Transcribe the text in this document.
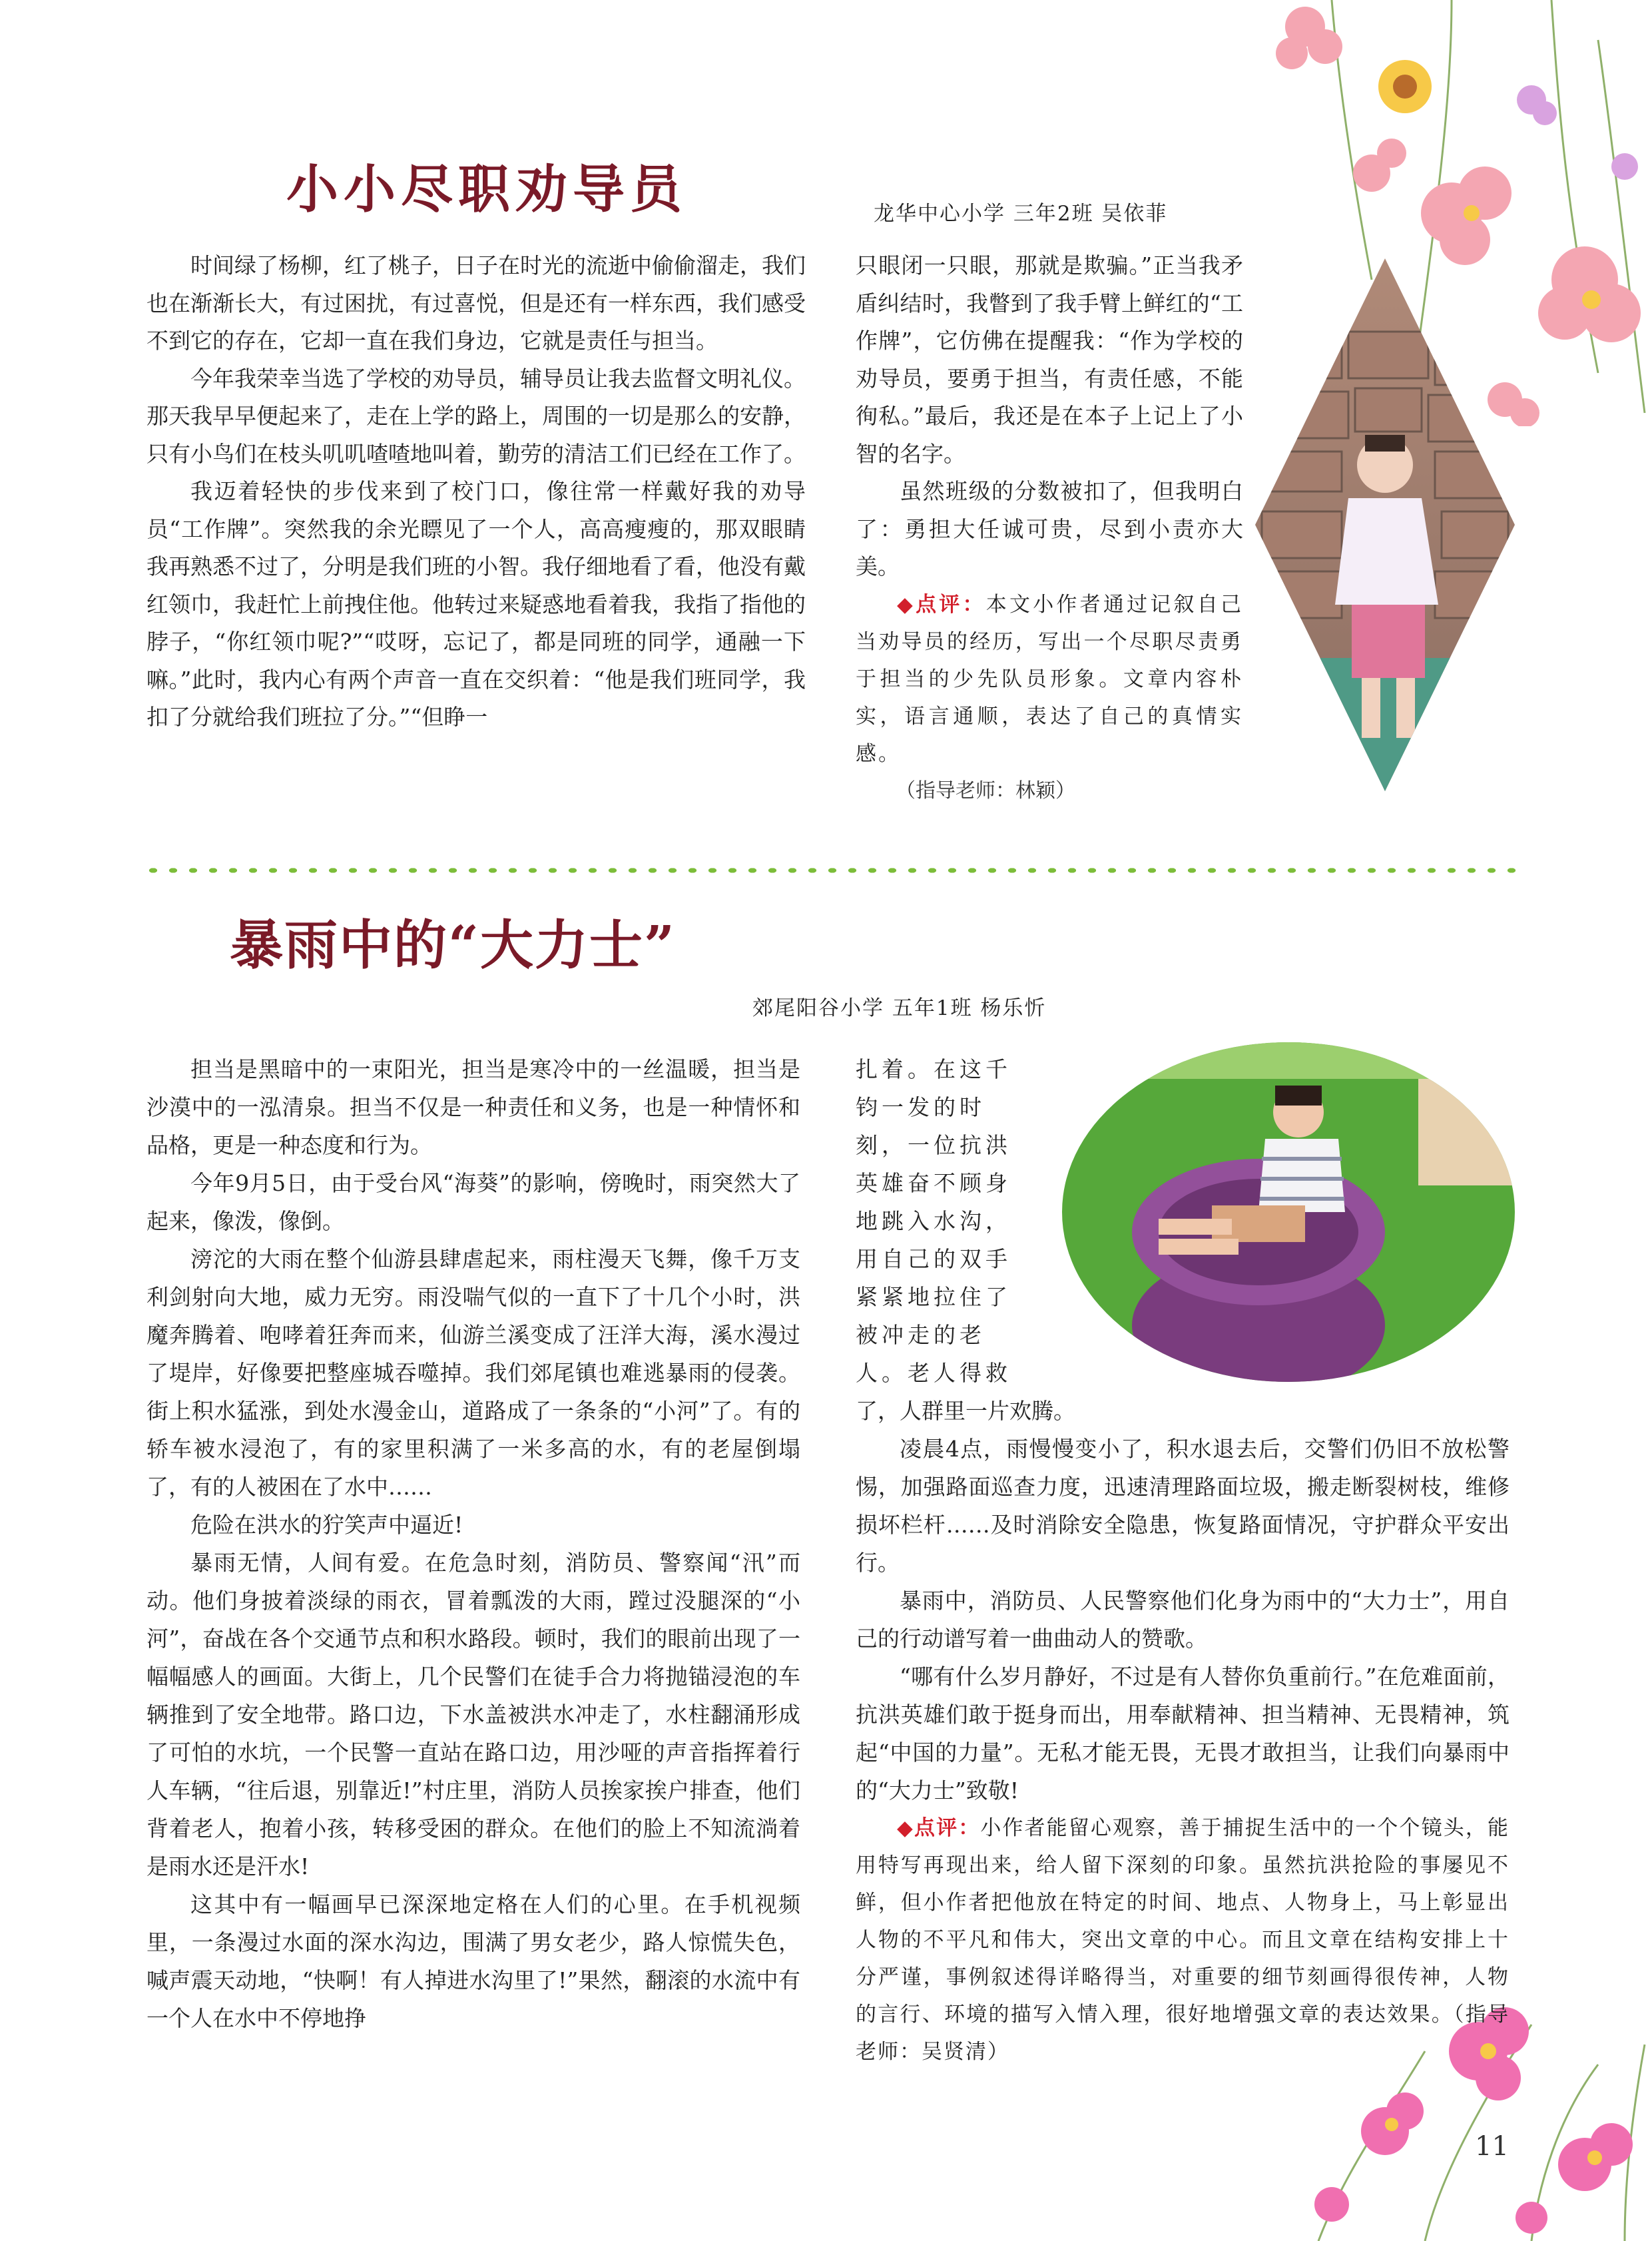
小小尽职劝导员	龙华中心小学 三年2班 吴依菲

时间绿了杨柳，红了桃子，日子在时光的流逝中偷偷溜走，我们也在渐渐长大，有过困扰，有过喜悦，但是还有一样东西，我们感受不到它的存在，它却一直在我们身边，它就是责任与担当。

今年我荣幸当选了学校的劝导员，辅导员让我去监督文明礼仪。那天我早早便起来了，走在上学的路上，周围的一切是那么的安静，只有小鸟们在枝头叽叽喳喳地叫着，勤劳的清洁工们已经在工作了。

我迈着轻快的步伐来到了校门口，像往常一样戴好我的劝导员“工作牌”。突然我的余光瞟见了一个人，高高瘦瘦的，那双眼睛我再熟悉不过了，分明是我们班的小智。我仔细地看了看，他没有戴红领巾，我赶忙上前拽住他。他转过来疑惑地看着我，我指了指他的脖子，“你红领巾呢?”“哎呀，忘记了，都是同班的同学，通融一下嘛。”此时，我内心有两个声音一直在交织着：“他是我们班同学，我扣了分就给我们班拉了分。”“但睁一

只眼闭一只眼，那就是欺骗。”正当我矛盾纠结时，我瞥到了我手臂上鲜红的“工作牌”，它仿佛在提醒我：“作为学校的劝导员，要勇于担当，有责任感，不能徇私。”最后，我还是在本子上记上了小智的名字。

虽然班级的分数被扣了，但我明白了：勇担大任诚可贵，尽到小责亦大美。

◆点评：本文小作者通过记叙自己当劝导员的经历，写出一个尽职尽责勇于担当的少先队员形象。文章内容朴实，语言通顺，表达了自己的真情实感。

（指导老师：林颖）

暴雨中的“大力士”
郊尾阳谷小学 五年1班 杨乐忻

担当是黑暗中的一束阳光，担当是寒冷中的一丝温暖，担当是沙漠中的一泓清泉。担当不仅是一种责任和义务，也是一种情怀和品格，更是一种态度和行为。

今年9月5日，由于受台风“海葵”的影响，傍晚时，雨突然大了起来，像泼，像倒。

滂沱的大雨在整个仙游县肆虐起来，雨柱漫天飞舞，像千万支利剑射向大地，威力无穷。雨没喘气似的一直下了十几个小时，洪魔奔腾着、咆哮着狂奔而来，仙游兰溪变成了汪洋大海，溪水漫过了堤岸，好像要把整座城吞噬掉。我们郊尾镇也难逃暴雨的侵袭。街上积水猛涨，到处水漫金山，道路成了一条条的“小河”了。有的轿车被水浸泡了，有的家里积满了一米多高的水，有的老屋倒塌了，有的人被困在了水中……

危险在洪水的狞笑声中逼近!

暴雨无情，人间有爱。在危急时刻，消防员、警察闻“汛”而动。他们身披着淡绿的雨衣，冒着瓢泼的大雨，蹚过没腿深的“小河”，奋战在各个交通节点和积水路段。顿时，我们的眼前出现了一幅幅感人的画面。大街上，几个民警们在徒手合力将抛锚浸泡的车辆推到了安全地带。路口边，下水盖被洪水冲走了，水柱翻涌形成了可怕的水坑，一个民警一直站在路口边，用沙哑的声音指挥着行人车辆，“往后退，别靠近!”村庄里，消防人员挨家挨户排查，他们背着老人，抱着小孩，转移受困的群众。在他们的脸上不知流淌着是雨水还是汗水!

这其中有一幅画早已深深地定格在人们的心里。在手机视频里，一条漫过水面的深水沟边，围满了男女老少，路人惊慌失色，喊声震天动地，“快啊！有人掉进水沟里了!”果然，翻滚的水流中有一个人在水中不停地挣

扎着。在这千
钧一发的时
刻，一位抗洪
英雄奋不顾身
地跳入水沟，
用自己的双手
紧紧地拉住了
被冲走的老
人。老人得救
了，人群里一片欢腾。

凌晨4点，雨慢慢变小了，积水退去后，交警们仍旧不放松警惕，加强路面巡查力度，迅速清理路面垃圾，搬走断裂树枝，维修损坏栏杆……及时消除安全隐患，恢复路面情况，守护群众平安出行。

暴雨中，消防员、人民警察他们化身为雨中的“大力士”，用自己的行动谱写着一曲曲动人的赞歌。

“哪有什么岁月静好，不过是有人替你负重前行。”在危难面前，抗洪英雄们敢于挺身而出，用奉献精神、担当精神、无畏精神，筑起“中国的力量”。无私才能无畏，无畏才敢担当，让我们向暴雨中的“大力士”致敬!

◆点评：小作者能留心观察，善于捕捉生活中的一个个镜头，能用特写再现出来，给人留下深刻的印象。虽然抗洪抢险的事屡见不鲜，但小作者把他放在特定的时间、地点、人物身上，马上彰显出人物的不平凡和伟大，突出文章的中心。而且文章在结构安排上十分严谨，事例叙述得详略得当，对重要的细节刻画得很传神，人物的言行、环境的描写入情入理，很好地增强文章的表达效果。（指导老师：吴贤清）

11
